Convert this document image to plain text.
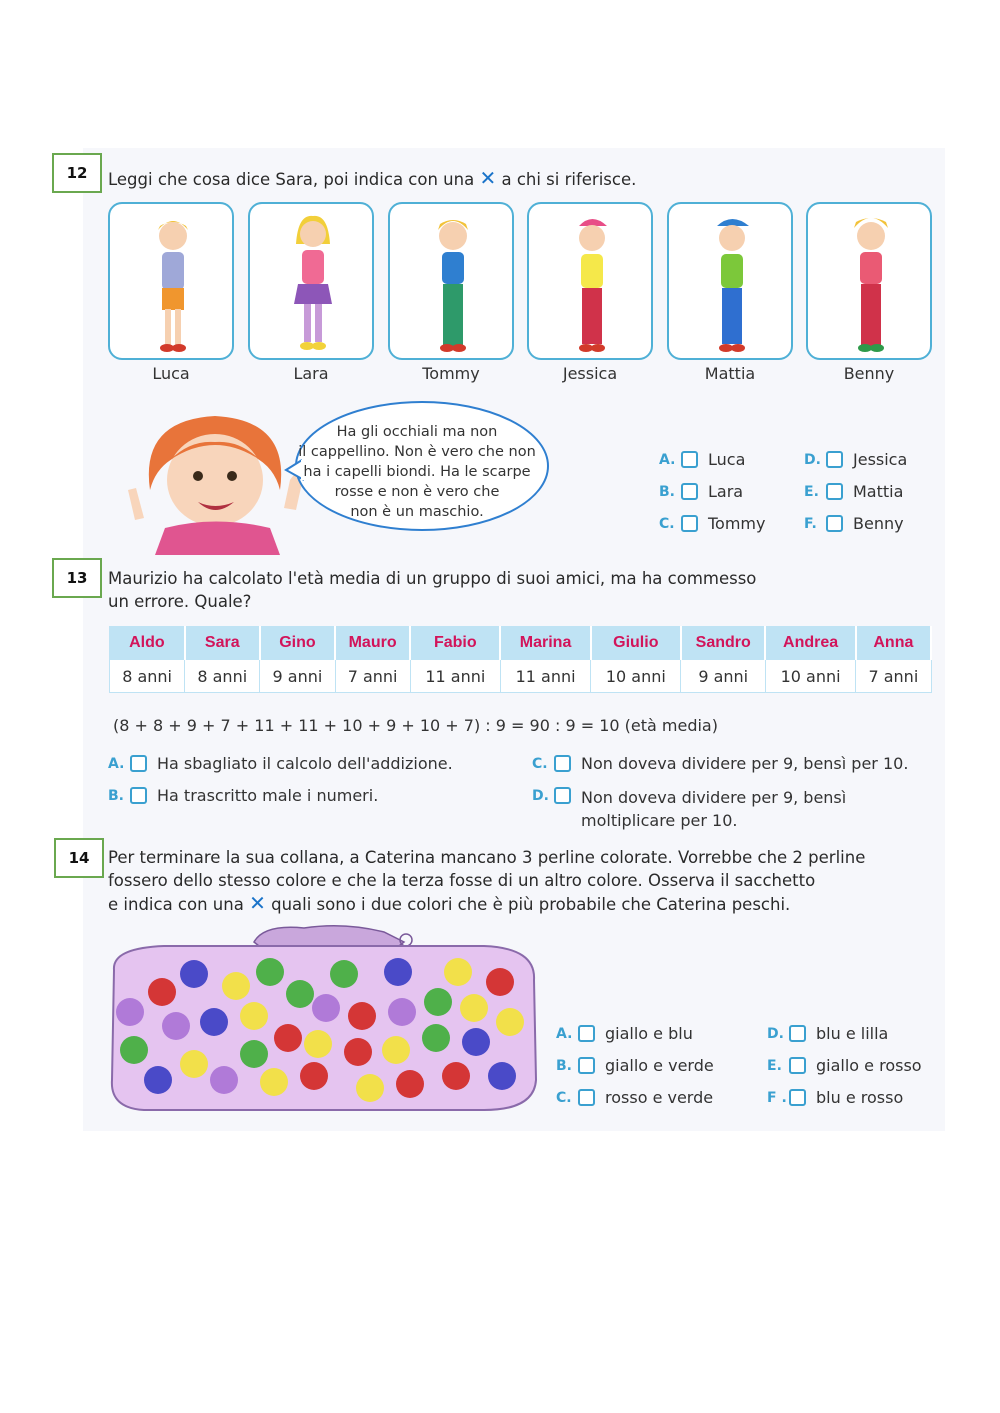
12	Leggi che cosa dice Sara, poi indica con una ✕ a chi si riferisce.
Luca	Lara	Tommy	Jessica	Mattia	Benny
Ha gli occhiali ma non
il cappellino. Non è vero che non
ha i capelli biondi. Ha le scarpe
rosse e non è vero che
non è un maschio.
A.	Luca
B.	Lara
C.	Tommy
D.	Jessica
E.	Mattia
F.	Benny
13	Maurizio ha calcolato l'età media di un gruppo di suoi amici, ma ha commesso
un errore. Quale?
Aldo	Sara	Gino	Mauro	Fabio	Marina	Giulio	Sandro	Andrea	Anna
8 anni	8 anni	9 anni	7 anni	11 anni	11 anni	10 anni	9 anni	10 anni	7 anni
(8 + 8 + 9 + 7 + 11 + 11 + 10 + 9 + 10 + 7) : 9 = 90 : 9 = 10 (età media)
A.	Ha sbagliato il calcolo dell'addizione.
B.	Ha trascritto male i numeri.
C.	Non doveva dividere per 9, bensì per 10.
D.	Non doveva dividere per 9, bensì
moltiplicare per 10.
14	Per terminare la sua collana, a Caterina mancano 3 perline colorate. Vorrebbe che 2 perline
fossero dello stesso colore e che la terza fosse di un altro colore. Osserva il sacchetto
e indica con una ✕ quali sono i due colori che è più probabile che Caterina peschi.
A.	giallo e blu
B.	giallo e verde
C.	rosso e verde
D.	blu e lilla
E.	giallo e rosso
F . blu e rosso
